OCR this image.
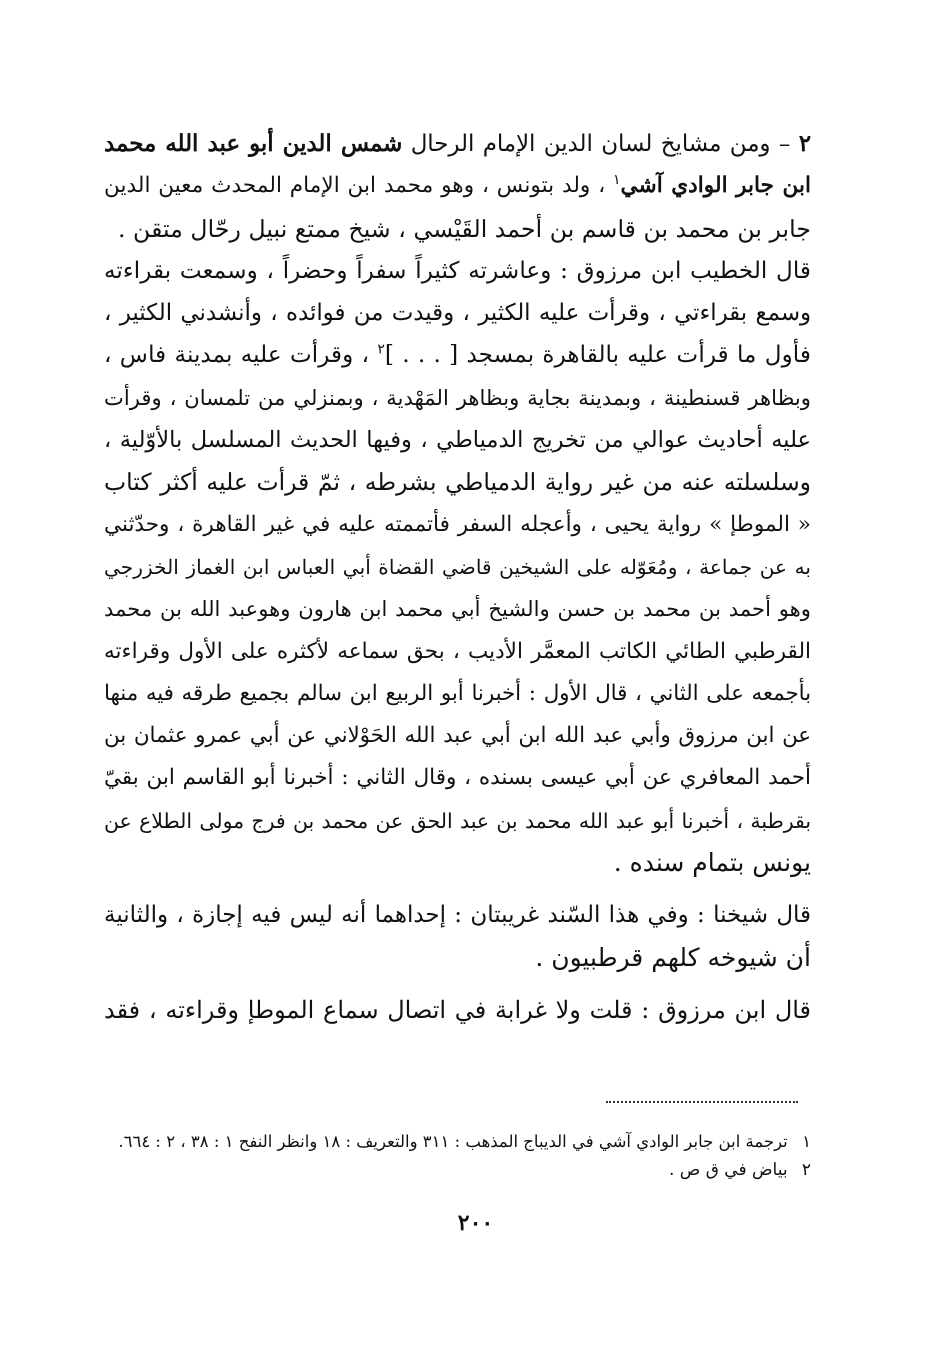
٢ – ومن مشايخ لسان الدين الإمام الرحال شمس الدين أبو عبد الله محمد
ابن جابر الوادي آشي$^١$ ، ولد بتونس ، وهو محمد ابن الإمام المحدث معين الدين
جابر بن محمد بن قاسم بن أحمد القَيْسي ، شيخ ممتع نبيل رحّال متقن .
قال الخطيب ابن مرزوق : وعاشرته كثيراً سفراً وحضراً ، وسمعت بقراءته
وسمع بقراءتي ، وقرأت عليه الكثير ، وقيدت من فوائده ، وأنشدني الكثير ،
فأول ما قرأت عليه بالقاهرة بمسجد [ . . . ]$^٢$ ، وقرأت عليه بمدينة فاس ،
وبظاهر قسنطينة ، وبمدينة بجاية وبظاهر المَهْدية ، وبمنزلي من تلمسان ، وقرأت
عليه أحاديث عوالي من تخريج الدمياطي ، وفيها الحديث المسلسل بالأوّلية ،
وسلسلته عنه من غير رواية الدمياطي بشرطه ، ثمّ قرأت عليه أكثر كتاب
« الموطإ » رواية يحيى ، وأعجله السفر فأتممته عليه في غير القاهرة ، وحدّثني
به عن جماعة ، ومُعَوّله على الشيخين قاضي القضاة أبي العباس ابن الغماز الخزرجي
وهو أحمد بن محمد بن حسن والشيخ أبي محمد ابن هارون وهوعبد الله بن محمد
القرطبي الطائي الكاتب المعمَّر الأديب ، بحق سماعه لأكثره على الأول وقراءته
بأجمعه على الثاني ، قال الأول : أخبرنا أبو الربيع ابن سالم بجميع طرقه فيه منها
عن ابن مرزوق وأبي عبد الله ابن أبي عبد الله الحَوْلاني عن أبي عمرو عثمان بن
أحمد المعافري عن أبي عيسى بسنده ، وقال الثاني : أخبرنا أبو القاسم ابن بقيّ
بقرطبة ، أخبرنا أبو عبد الله محمد بن عبد الحق عن محمد بن فرج مولى الطلاع عن
يونس بتمام سنده .
قال شيخنا : وفي هذا السّند غريبتان : إحداهما أنه ليس فيه إجازة ، والثانية
أن شيوخه كلهم قرطبيون .
قال ابن مرزوق : قلت ولا غرابة في اتصال سماع الموطإ وقراءته ، فقد
١ ترجمة ابن جابر الوادي آشي في الديباج المذهب : ٣١١ والتعريف : ١٨ وانظر النفح ١ : ٣٨ ، ٢ : ٦٦٤.
٢ بياض في ق ص .
٢٠٠
